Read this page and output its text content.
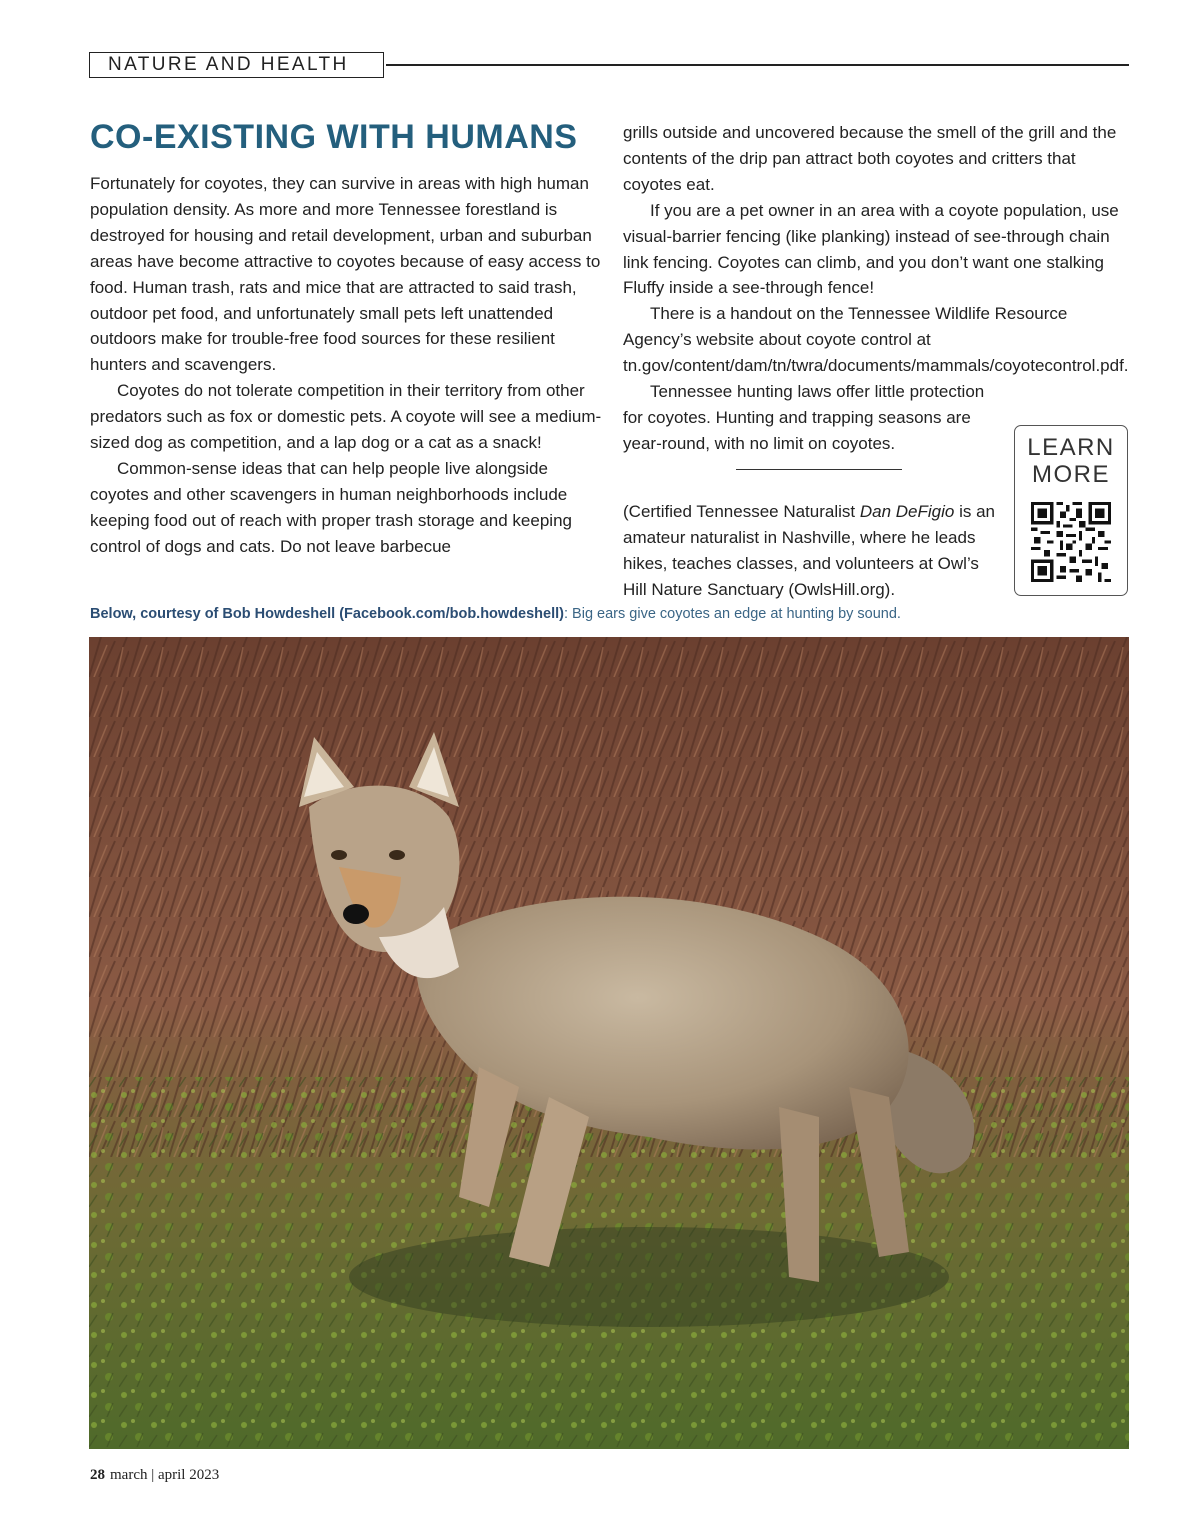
NATURE AND HEALTH
CO-EXISTING WITH HUMANS

Fortunately for coyotes, they can survive in areas with high human population density. As more and more Tennessee forestland is destroyed for housing and retail development, urban and suburban areas have become attractive to coyotes because of easy access to food. Human trash, rats and mice that are attracted to said trash, outdoor pet food, and unfortunately small pets left unattended outdoors make for trouble-free food sources for these resilient hunters and scavengers.

Coyotes do not tolerate competition in their territory from other predators such as fox or domestic pets. A coyote will see a medium-sized dog as competition, and a lap dog or a cat as a snack!

Common-sense ideas that can help people live alongside coyotes and other scavengers in human neighborhoods include keeping food out of reach with proper trash storage and keeping control of dogs and cats. Do not leave barbecue

grills outside and uncovered because the smell of the grill and the contents of the drip pan attract both coyotes and critters that coyotes eat.

If you are a pet owner in an area with a coyote population, use visual-barrier fencing (like planking) instead of see-through chain link fencing. Coyotes can climb, and you don’t want one stalking Fluffy inside a see-through fence!

There is a handout on the Tennessee Wildlife Resource Agency’s website about coyote control at tn.gov/content/dam/tn/twra/documents/mammals/coyotecontrol.pdf.

Tennessee hunting laws offer little protection for coyotes. Hunting and trapping seasons are year-round, with no limit on coyotes.

(Certified Tennessee Naturalist Dan DeFigio is an amateur naturalist in Nashville, where he leads hikes, teaches classes, and volunteers at Owl’s Hill Nature Sanctuary (OwlsHill.org).

LEARN
MORE
Below, courtesy of Bob Howdeshell (Facebook.com/bob.howdeshell): Big ears give coyotes an edge at hunting by sound.
28 march | april 2023
